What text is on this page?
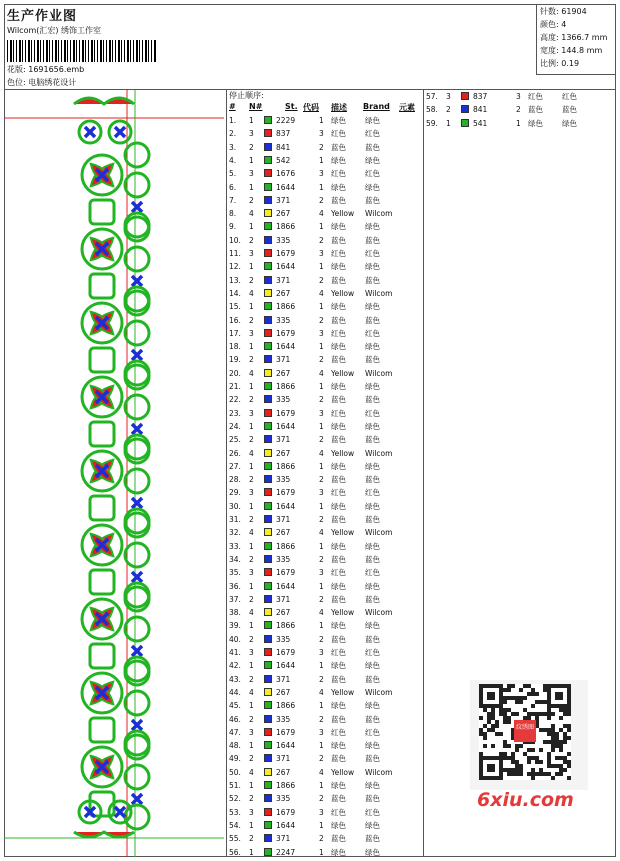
生产作业图
Wilcom(汇宏) 绣饰工作室
花版: 1691656.emb
色位: 电脑绣花设计
针数: 61904
颜色: 4
高度: 1366.7 mm
宽度: 144.8 mm
比例: 0.19
停止顺序:
# N#	St. 代码 描述 Brand 元素
1. 1	2229	1 绿色	绿色
2. 3	837	3 红色	红色
3. 2	841	2 蓝色	蓝色
4. 1	542	1 绿色	绿色
5. 3	1676	3 红色	红色
6. 1	1644	1 绿色	绿色
7. 2	371	2 蓝色	蓝色
8. 4	267	4 Yellow Wilcom
9. 1	1866	1 绿色	绿色
10. 2	335	2 蓝色	蓝色
11. 3	1679	3 红色	红色
12. 1	1644	1 绿色	绿色
13. 2	371	2 蓝色	蓝色
14. 4	267	4 Yellow Wilcom
15. 1	1866	1 绿色	绿色
16. 2	335	2 蓝色	蓝色
17. 3	1679	3 红色	红色
18. 1	1644	1 绿色	绿色
19. 2	371	2 蓝色	蓝色
20. 4	267	4 Yellow Wilcom
21. 1	1866	1 绿色	绿色
22. 2	335	2 蓝色	蓝色
23. 3	1679	3 红色	红色
24. 1	1644	1 绿色	绿色
25. 2	371	2 蓝色	蓝色
26. 4	267	4 Yellow Wilcom
27. 1	1866	1 绿色	绿色
28. 2	335	2 蓝色	蓝色
29. 3	1679	3 红色	红色
30. 1	1644	1 绿色	绿色
31. 2	371	2 蓝色	蓝色
32. 4	267	4 Yellow Wilcom
33. 1	1866	1 绿色	绿色
34. 2	335	2 蓝色	蓝色
35. 3	1679	3 红色	红色
36. 1	1644	1 绿色	绿色
37. 2	371	2 蓝色	蓝色
38. 4	267	4 Yellow Wilcom
39. 1	1866	1 绿色	绿色
40. 2	335	2 蓝色	蓝色
41. 3	1679	3 红色	红色
42. 1	1644	1 绿色	绿色
43. 2	371	2 蓝色	蓝色
44. 4	267	4 Yellow Wilcom
45. 1	1866	1 绿色	绿色
46. 2	335	2 蓝色	蓝色
47. 3	1679	3 红色	红色
48. 1	1644	1 绿色	绿色
49. 2	371	2 蓝色	蓝色
50. 4	267	4 Yellow Wilcom
51. 1	1866	1 绿色	绿色
52. 2	335	2 蓝色	蓝色
53. 3	1679	3 红色	红色
54. 1	1644	1 绿色	绿色
55. 2	371	2 蓝色	蓝色
56. 1	2247	1 绿色	绿色
57. 3	837	3 红色	红色
58. 2	841	2 蓝色	蓝色
59. 1	541	1 绿色	绿色
纹绣图
6xiu.com
